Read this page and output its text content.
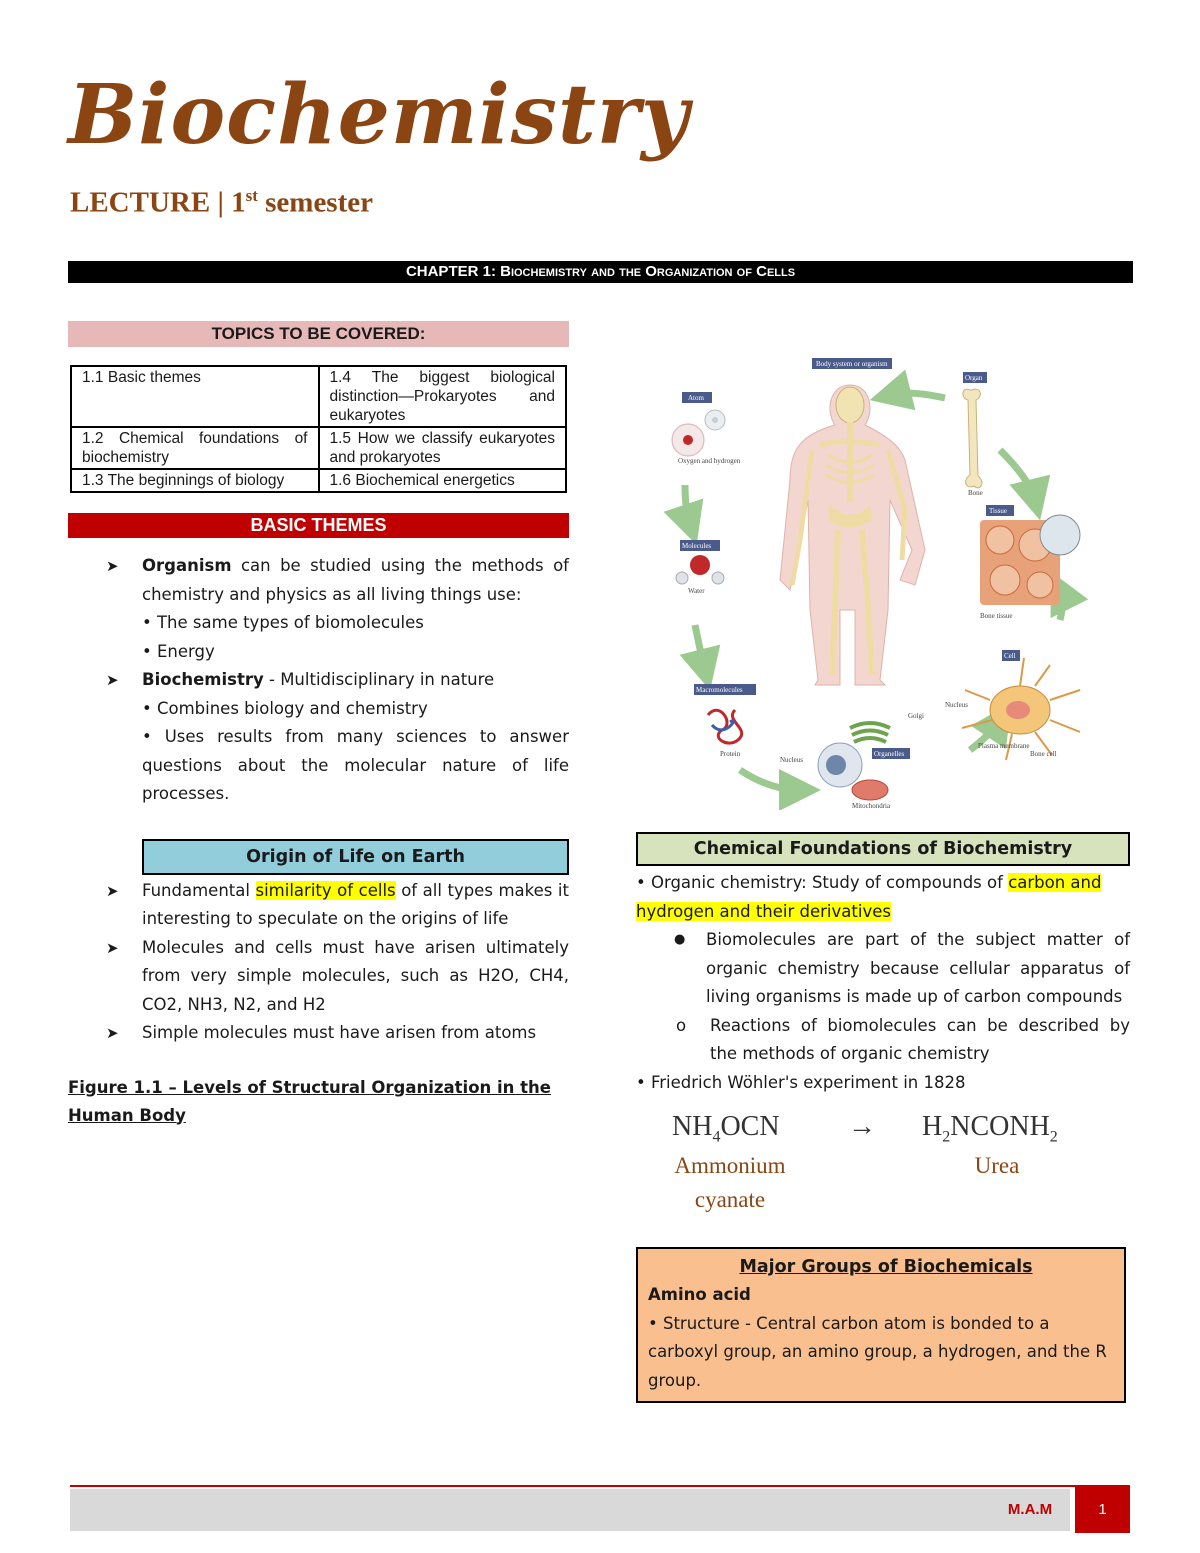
Biochemistry
LECTURE | 1st semester
CHAPTER 1: Biochemistry and the Organization of Cells
TOPICS TO BE COVERED:
1.1 Basic themes	1.4 The biggest biological distinction—Prokaryotes and eukaryotes
1.2 Chemical foundations of biochemistry	1.5 How we classify eukaryotes and prokaryotes
1.3 The beginnings of biology	1.6 Biochemical energetics
BASIC THEMES
➤	Organism can be studied using the methods of chemistry and physics as all living things use:
• The same types of biomolecules
• Energy
➤	Biochemistry - Multidisciplinary in nature
• Combines biology and chemistry
• Uses results from many sciences to answer questions about the molecular nature of life processes.
Origin of Life on Earth
➤	Fundamental similarity of cells of all types makes it interesting to speculate on the origins of life
➤	Molecules and cells must have arisen ultimately from very simple molecules, such as H2O, CH4, CO2, NH3, N2, and H2
➤	Simple molecules must have arisen from atoms
Figure 1.1 – Levels of Structural Organization in the Human Body
Body system or organism
Organ
Bone
Atom
Oxygen and hydrogen
Tissue
Bone tissue
Molecules
Water
Cell
Nucleus
Plasma membrane
Bone cell
Macromolecules
Protein
Nucleus
Golgi
Organelles
Mitochondria
Chemical Foundations of Biochemistry
• Organic chemistry: Study of compounds of carbon and hydrogen and their derivatives
● Biomolecules are part of the subject matter of organic chemistry because cellular apparatus of living organisms is made up of carbon compounds
o Reactions of biomolecules can be described by the methods of organic chemistry
• Friedrich Wöhler's experiment in 1828
$NH_4OCN$ → $H_2NCONH_2$
Ammonium cyanate
Urea
Major Groups of Biochemicals
Amino acid
• Structure - Central carbon atom is bonded to a carboxyl group, an amino group, a hydrogen, and the R group.
M.A.M	1
